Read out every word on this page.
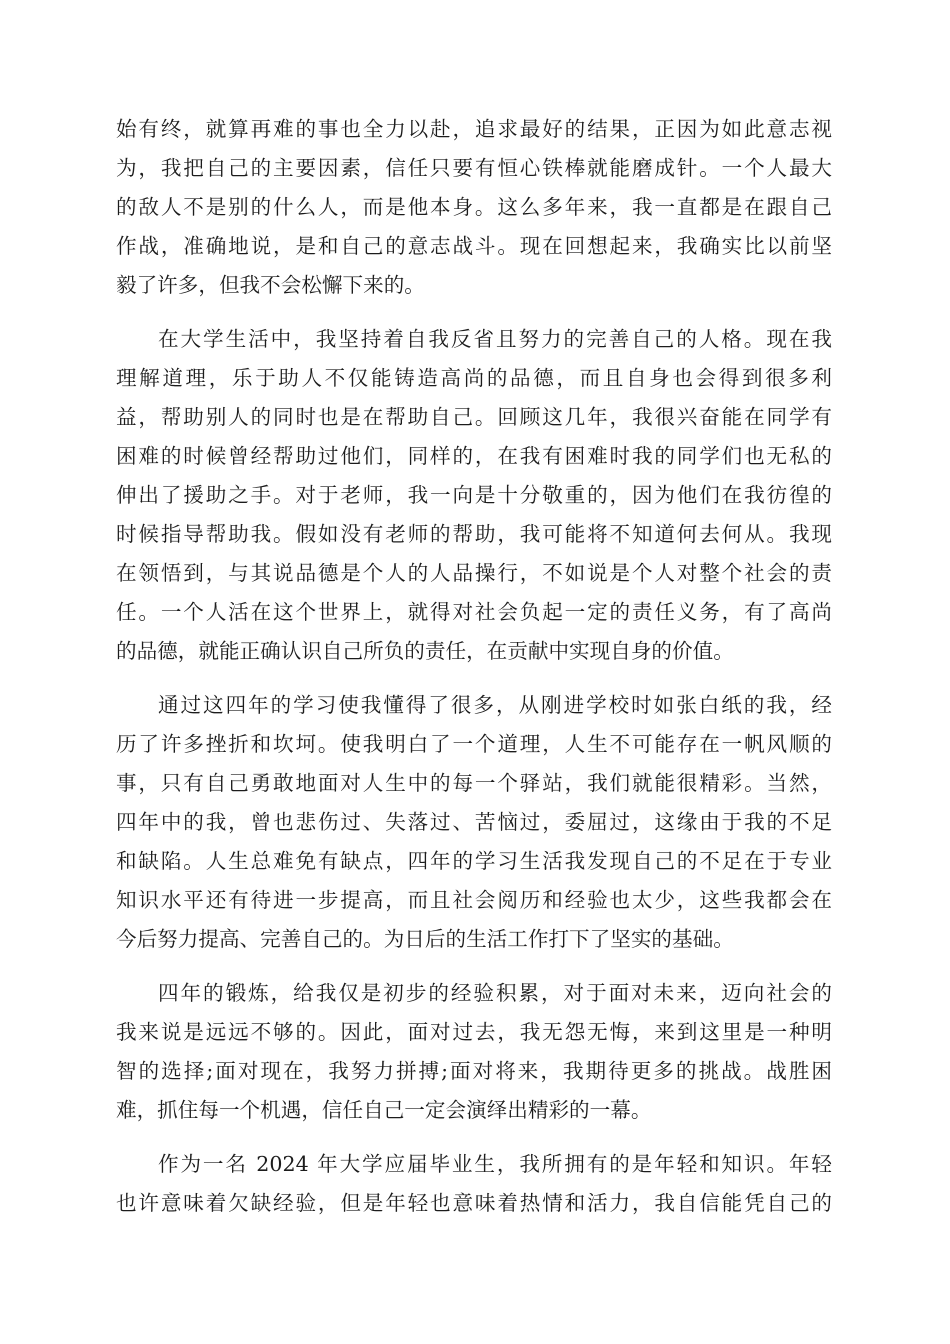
始有终，就算再难的事也全力以赴，追求最好的结果，正因为如此意志视
为，我把自己的主要因素，信任只要有恒心铁棒就能磨成针。一个人最大
的敌人不是别的什么人，而是他本身。这么多年来，我一直都是在跟自己
作战，准确地说，是和自己的意志战斗。现在回想起来，我确实比以前坚
毅了许多，但我不会松懈下来的。
在大学生活中，我坚持着自我反省且努力的完善自己的人格。现在我
理解道理，乐于助人不仅能铸造高尚的品德，而且自身也会得到很多利
益，帮助别人的同时也是在帮助自己。回顾这几年，我很兴奋能在同学有
困难的时候曾经帮助过他们，同样的，在我有困难时我的同学们也无私的
伸出了援助之手。对于老师，我一向是十分敬重的，因为他们在我彷徨的
时候指导帮助我。假如没有老师的帮助，我可能将不知道何去何从。我现
在领悟到，与其说品德是个人的人品操行，不如说是个人对整个社会的责
任。一个人活在这个世界上，就得对社会负起一定的责任义务，有了高尚
的品德，就能正确认识自己所负的责任，在贡献中实现自身的价值。
通过这四年的学习使我懂得了很多，从刚进学校时如张白纸的我，经
历了许多挫折和坎坷。使我明白了一个道理，人生不可能存在一帆风顺的
事，只有自己勇敢地面对人生中的每一个驿站，我们就能很精彩。当然，
四年中的我，曾也悲伤过、失落过、苦恼过，委屈过，这缘由于我的不足
和缺陷。人生总难免有缺点，四年的学习生活我发现自己的不足在于专业
知识水平还有待进一步提高，而且社会阅历和经验也太少，这些我都会在
今后努力提高、完善自己的。为日后的生活工作打下了坚实的基础。
四年的锻炼，给我仅是初步的经验积累，对于面对未来，迈向社会的
我来说是远远不够的。因此，面对过去，我无怨无悔，来到这里是一种明
智的选择;面对现在，我努力拼搏;面对将来，我期待更多的挑战。战胜困
难，抓住每一个机遇，信任自己一定会演绎出精彩的一幕。
作为一名 2024 年大学应届毕业生，我所拥有的是年轻和知识。年轻
也许意味着欠缺经验，但是年轻也意味着热情和活力，我自信能凭自己的
